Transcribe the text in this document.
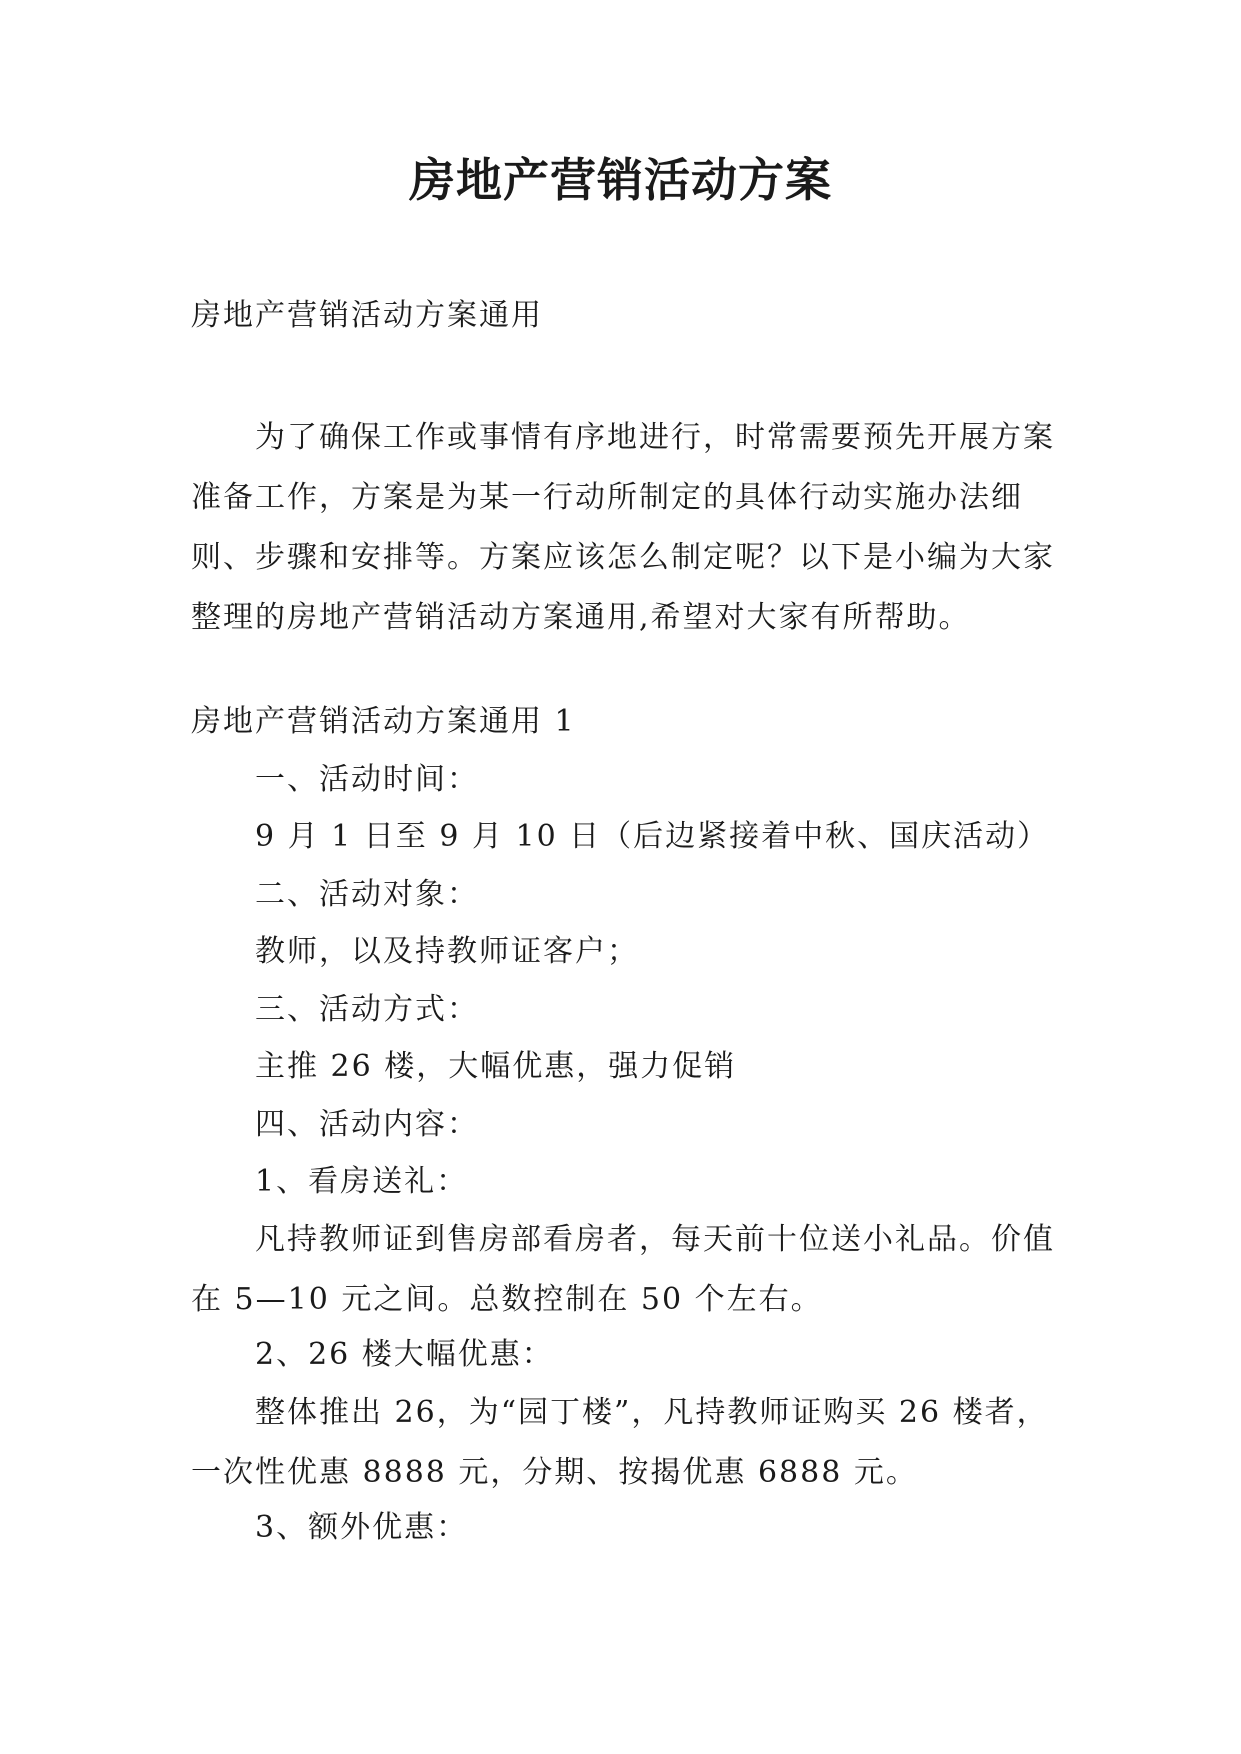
房地产营销活动方案

房地产营销活动方案通用

为了确保工作或事情有序地进行，时常需要预先开展方案准备工作，方案是为某一行动所制定的具体行动实施办法细则、步骤和安排等。方案应该怎么制定呢？以下是小编为大家整理的房地产营销活动方案通用,希望对大家有所帮助。

房地产营销活动方案通用 1

一、活动时间：

9 月 1 日至 9 月 10 日（后边紧接着中秋、国庆活动）

二、活动对象：

教师，以及持教师证客户；

三、活动方式：

主推 26 楼，大幅优惠，强力促销

四、活动内容：

1、看房送礼：

凡持教师证到售房部看房者，每天前十位送小礼品。价值在 5—10 元之间。总数控制在 50 个左右。

2、26 楼大幅优惠：

整体推出 26，为“园丁楼”，凡持教师证购买 26 楼者，一次性优惠 8888 元，分期、按揭优惠 6888 元。

3、额外优惠：
